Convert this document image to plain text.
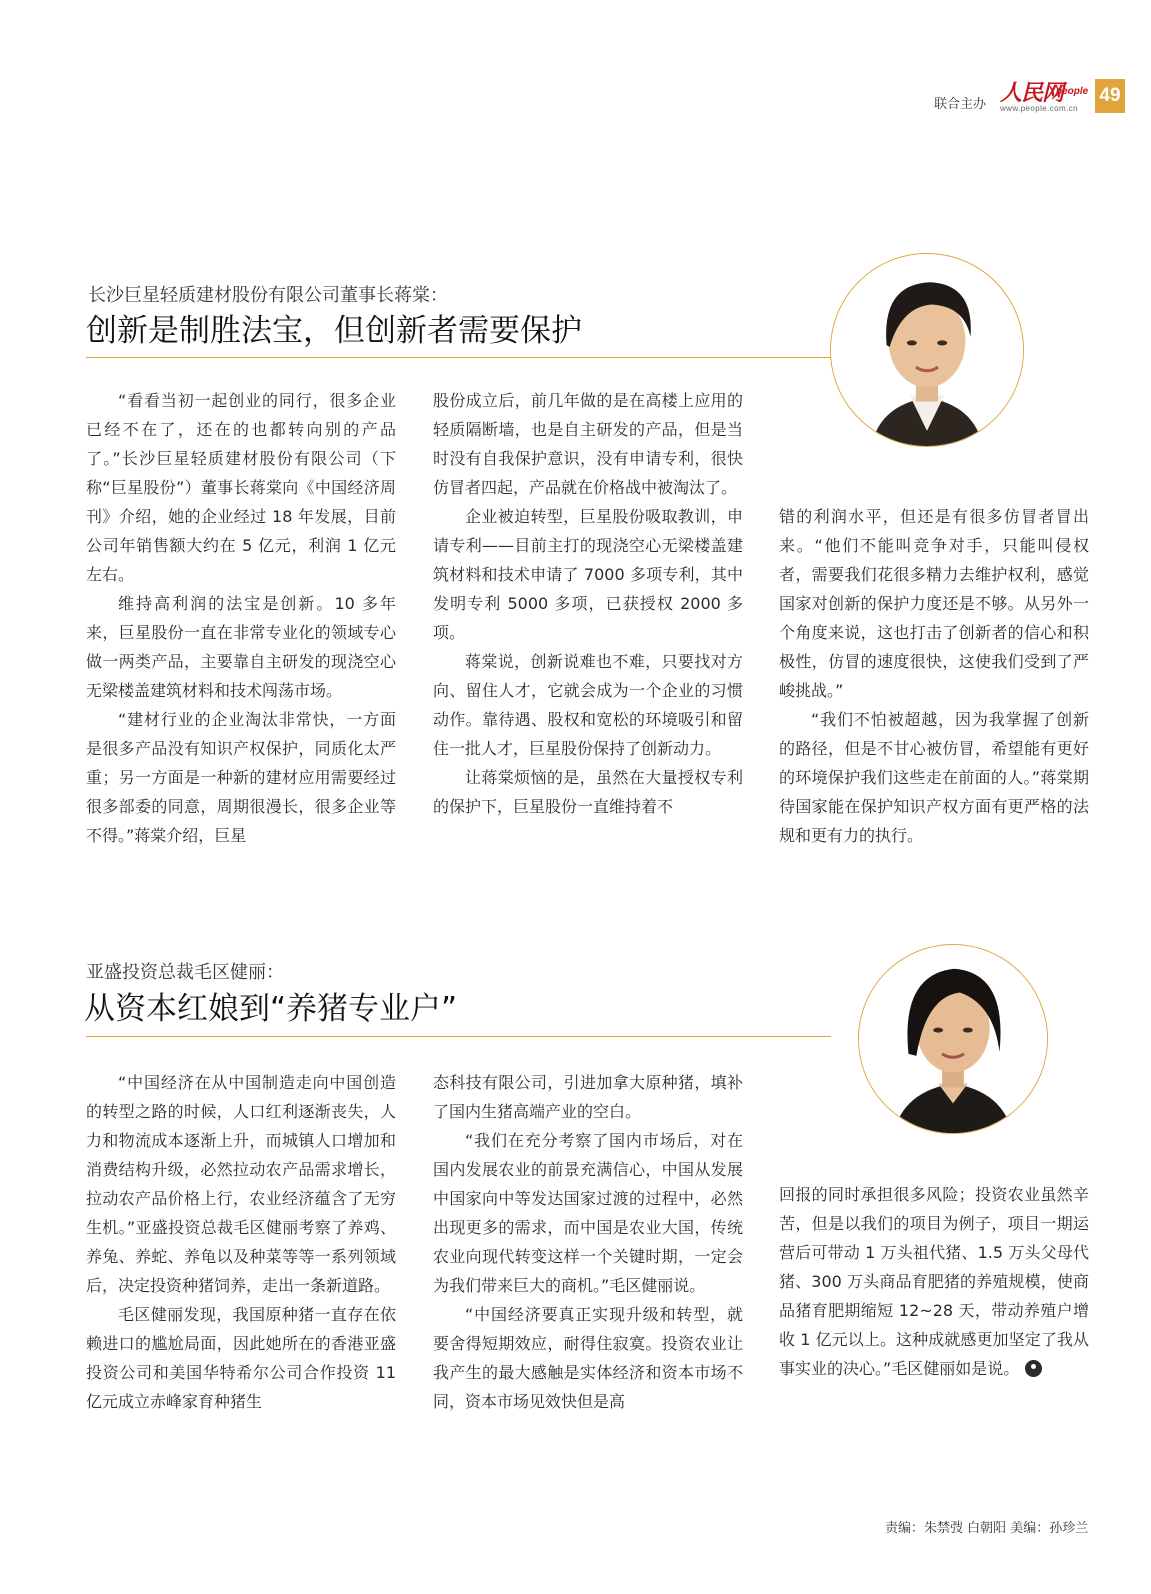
联合主办 人民网
people
www.people.com.cn
49
长沙巨星轻质建材股份有限公司董事长蒋棠：
创新是制胜法宝，但创新者需要保护

“看看当初一起创业的同行，很多企业已经不在了，还在的也都转向别的产品了。”长沙巨星轻质建材股份有限公司（下称“巨星股份”）董事长蒋棠向《中国经济周刊》介绍，她的企业经过 18 年发展，目前公司年销售额大约在 5 亿元，利润 1 亿元左右。

维持高利润的法宝是创新。10 多年来，巨星股份一直在非常专业化的领域专心做一两类产品，主要靠自主研发的现浇空心无梁楼盖建筑材料和技术闯荡市场。

“建材行业的企业淘汰非常快，一方面是很多产品没有知识产权保护，同质化太严重；另一方面是一种新的建材应用需要经过很多部委的同意，周期很漫长，很多企业等不得。”蒋棠介绍，巨星

股份成立后，前几年做的是在高楼上应用的轻质隔断墙，也是自主研发的产品，但是当时没有自我保护意识，没有申请专利，很快仿冒者四起，产品就在价格战中被淘汰了。

企业被迫转型，巨星股份吸取教训，申请专利——目前主打的现浇空心无梁楼盖建筑材料和技术申请了 7000 多项专利，其中发明专利 5000 多项，已获授权 2000 多项。

蒋棠说，创新说难也不难，只要找对方向、留住人才，它就会成为一个企业的习惯动作。靠待遇、股权和宽松的环境吸引和留住一批人才，巨星股份保持了创新动力。

让蒋棠烦恼的是，虽然在大量授权专利的保护下，巨星股份一直维持着不

错的利润水平，但还是有很多仿冒者冒出来。“他们不能叫竞争对手，只能叫侵权者，需要我们花很多精力去维护权利，感觉国家对创新的保护力度还是不够。从另外一个角度来说，这也打击了创新者的信心和积极性，仿冒的速度很快，这使我们受到了严峻挑战。”

“我们不怕被超越，因为我掌握了创新的路径，但是不甘心被仿冒，希望能有更好的环境保护我们这些走在前面的人。”蒋棠期待国家能在保护知识产权方面有更严格的法规和更有力的执行。

亚盛投资总裁毛区健丽：
从资本红娘到“养猪专业户”

“中国经济在从中国制造走向中国创造的转型之路的时候，人口红利逐渐丧失，人力和物流成本逐渐上升，而城镇人口增加和消费结构升级，必然拉动农产品需求增长，拉动农产品价格上行，农业经济蕴含了无穷生机。”亚盛投资总裁毛区健丽考察了养鸡、养兔、养蛇、养龟以及种菜等等一系列领域后，决定投资种猪饲养，走出一条新道路。

毛区健丽发现，我国原种猪一直存在依赖进口的尴尬局面，因此她所在的香港亚盛投资公司和美国华特希尔公司合作投资 11 亿元成立赤峰家育种猪生

态科技有限公司，引进加拿大原种猪，填补了国内生猪高端产业的空白。

“我们在充分考察了国内市场后，对在国内发展农业的前景充满信心，中国从发展中国家向中等发达国家过渡的过程中，必然出现更多的需求，而中国是农业大国，传统农业向现代转变这样一个关键时期，一定会为我们带来巨大的商机。”毛区健丽说。

“中国经济要真正实现升级和转型，就要舍得短期效应，耐得住寂寞。投资农业让我产生的最大感触是实体经济和资本市场不同，资本市场见效快但是高

回报的同时承担很多风险；投资农业虽然辛苦，但是以我们的项目为例子，项目一期运营后可带动 1 万头祖代猪、1.5 万头父母代猪、300 万头商品育肥猪的养殖规模，使商品猪育肥期缩短 12~28 天，带动养殖户增收 1 亿元以上。这种成就感更加坚定了我从事实业的决心。”毛区健丽如是说。

责编：朱禁弢 白朝阳 美编：孙珍兰
